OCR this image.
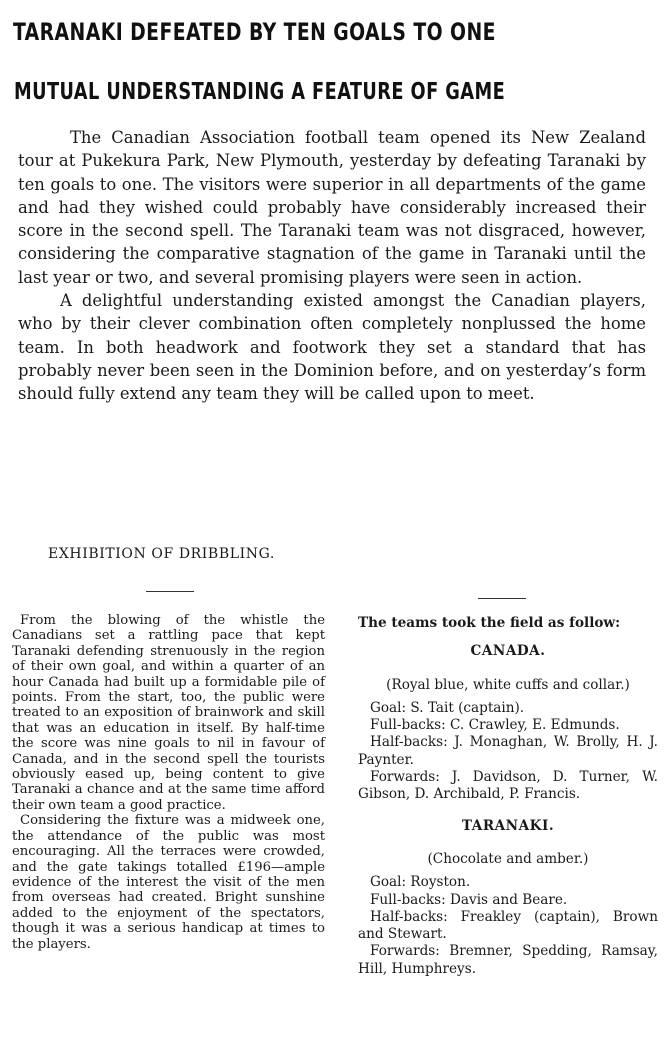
TARANAKI DEFEATED BY TEN GOALS TO ONE
MUTUAL UNDERSTANDING A FEATURE OF GAME

The Canadian Association football team opened its New Zealand tour at Pukekura Park, New Plymouth, yesterday by defeating Taranaki by ten goals to one. The visitors were superior in all departments of the game and had they wished could probably have considerably increased their score in the second spell. The Taranaki team was not disgraced, however, considering the comparative stagnation of the game in Taranaki until the last year or two, and several promising players were seen in action.

A delightful understanding existed amongst the Canadian players, who by their clever combination often completely nonplussed the home team. In both headwork and footwork they set a standard that has probably never been seen in the Dominion before, and on yesterday’s form should fully extend any team they will be called upon to meet.

EXHIBITION OF DRIBBLING.

From the blowing of the whistle the Canadians set a rattling pace that kept Taranaki defending strenuously in the region of their own goal, and within a quarter of an hour Canada had built up a formidable pile of points. From the start, too, the public were treated to an exposition of brainwork and skill that was an education in itself. By half-time the score was nine goals to nil in favour of Canada, and in the second spell the tourists obviously eased up, being content to give Taranaki a chance and at the same time afford their own team a good practice.

Considering the fixture was a midweek one, the attendance of the public was most encouraging. All the terraces were crowded, and the gate takings totalled £196—ample evidence of the interest the visit of the men from overseas had created. Bright sunshine added to the enjoyment of the spectators, though it was a serious handicap at times to the players.

The teams took the field as follow:

CANADA.

(Royal blue, white cuffs and collar.)

Goal: S. Tait (captain).

Full-backs: C. Crawley, E. Edmunds.

Half-backs: J. Monaghan, W. Brolly, H. J. Paynter.

Forwards: J. Davidson, D. Turner, W. Gibson, D. Archibald, P. Francis.

TARANAKI.

(Chocolate and amber.)

Goal: Royston.

Full-backs: Davis and Beare.

Half-backs: Freakley (captain), Brown and Stewart.

Forwards: Bremner, Spedding, Ramsay, Hill, Humphreys.
